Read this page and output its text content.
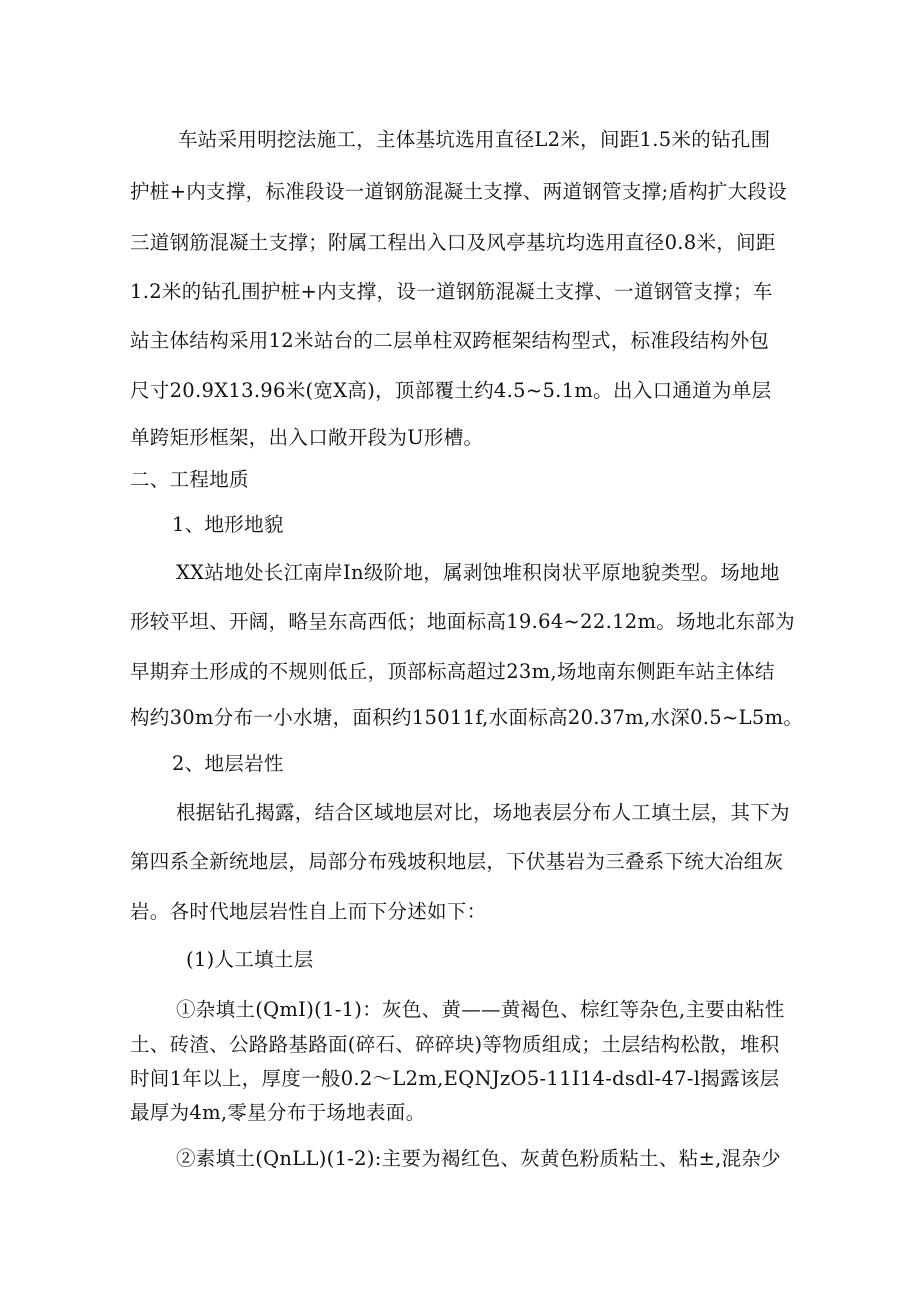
车站采用明挖法施工，主体基坑选用直径L2米，间距1.5米的钻孔围
护桩+内支撑，标准段设一道钢筋混凝土支撑、两道钢管支撑;盾构扩大段设
三道钢筋混凝土支撑；附属工程出入口及风亭基坑均选用直径0.8米，间距
1.2米的钻孔围护桩+内支撑，设一道钢筋混凝土支撑、一道钢管支撑；车
站主体结构采用12米站台的二层单柱双跨框架结构型式，标准段结构外包
尺寸20.9X13.96米(宽X高)，顶部覆土约4.5~5.1m。出入口通道为单层
单跨矩形框架，出入口敞开段为U形槽。
二、工程地质
1、地形地貌
XX站地处长江南岸In级阶地，属剥蚀堆积岗状平原地貌类型。场地地
形较平坦、开阔，略呈东高西低；地面标高19.64~22.12m。场地北东部为
早期弃土形成的不规则低丘，顶部标高超过23m,场地南东侧距车站主体结
构约30m分布一小水塘，面积约15011f,水面标高20.37m,水深0.5~L5m。
2、地层岩性
根据钻孔揭露，结合区域地层对比，场地表层分布人工填土层，其下为
第四系全新统地层，局部分布残坡积地层，下伏基岩为三叠系下统大冶组灰
岩。各时代地层岩性自上而下分述如下：
(1)人工填土层
①杂填土(QmI)(1-1)：灰色、黄——黄褐色、棕红等杂色,主要由粘性
土、砖渣、公路路基路面(碎石、碎碎块)等物质组成；土层结构松散，堆积
时间1年以上，厚度一般0.2～L2m,EQNJzO5-11I14-dsdl-47-l揭露该层
最厚为4m,零星分布于场地表面。
②素填土(QnLL)(1-2):主要为褐红色、灰黄色粉质粘土、粘±,混杂少
